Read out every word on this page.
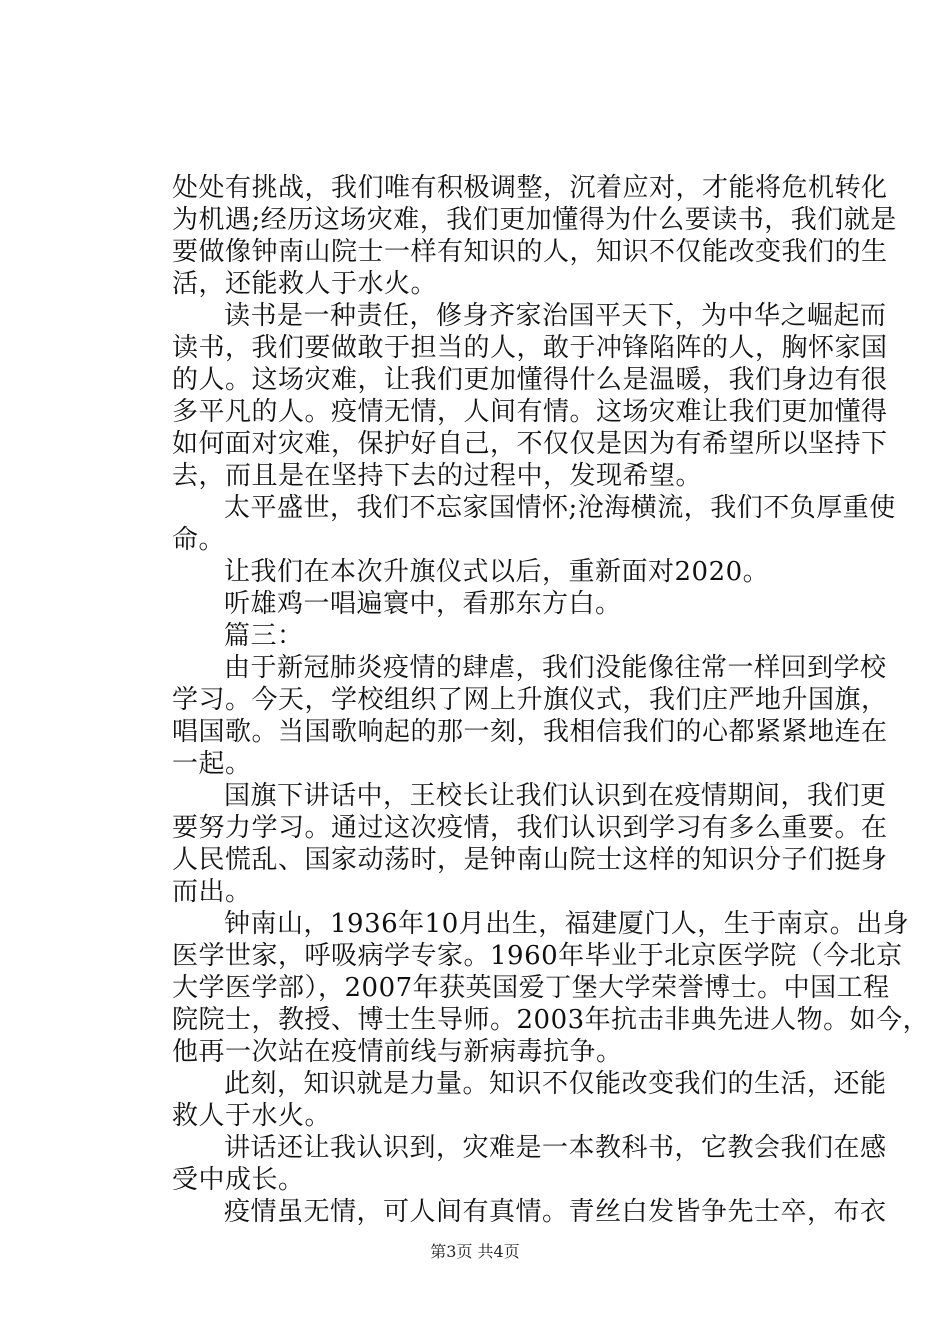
处处有挑战，我们唯有积极调整，沉着应对，才能将危机转化
为机遇;经历这场灾难，我们更加懂得为什么要读书，我们就是
要做像钟南山院士一样有知识的人，知识不仅能改变我们的生
活，还能救人于水火。
读书是一种责任，修身齐家治国平天下，为中华之崛起而
读书，我们要做敢于担当的人，敢于冲锋陷阵的人，胸怀家国
的人。这场灾难，让我们更加懂得什么是温暖，我们身边有很
多平凡的人。疫情无情，人间有情。这场灾难让我们更加懂得
如何面对灾难，保护好自己，不仅仅是因为有希望所以坚持下
去，而且是在坚持下去的过程中，发现希望。
太平盛世，我们不忘家国情怀;沧海横流，我们不负厚重使
命。
让我们在本次升旗仪式以后，重新面对2020。
听雄鸡一唱遍寰中，看那东方白。
篇三：
由于新冠肺炎疫情的肆虐，我们没能像往常一样回到学校
学习。今天，学校组织了网上升旗仪式，我们庄严地升国旗，
唱国歌。当国歌响起的那一刻，我相信我们的心都紧紧地连在
一起。
国旗下讲话中，王校长让我们认识到在疫情期间，我们更
要努力学习。通过这次疫情，我们认识到学习有多么重要。在
人民慌乱、国家动荡时，是钟南山院士这样的知识分子们挺身
而出。
钟南山，1936年10月出生，福建厦门人，生于南京。出身
医学世家，呼吸病学专家。1960年毕业于北京医学院（今北京
大学医学部），2007年获英国爱丁堡大学荣誉博士。中国工程
院院士，教授、博士生导师。2003年抗击非典先进人物。如今，
他再一次站在疫情前线与新病毒抗争。
此刻，知识就是力量。知识不仅能改变我们的生活，还能
救人于水火。
讲话还让我认识到，灾难是一本教科书，它教会我们在感
受中成长。
疫情虽无情，可人间有真情。青丝白发皆争先士卒，布衣
第3页 共4页
